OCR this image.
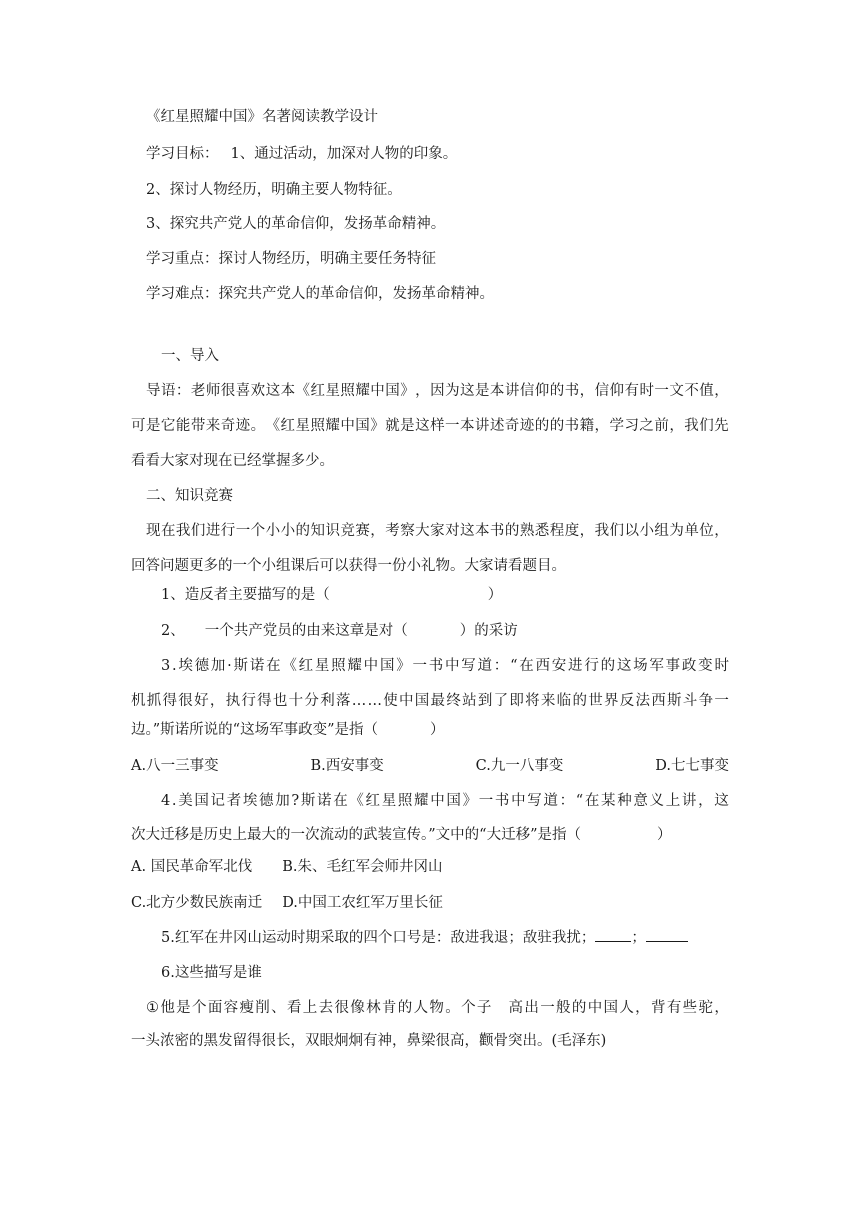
《红星照耀中国》名著阅读教学设计
学习目标： 1、通过活动，加深对人物的印象。
2、探讨人物经历，明确主要人物特征。
3、探究共产党人的革命信仰，发扬革命精神。
学习重点：探讨人物经历，明确主要任务特征
学习难点：探究共产党人的革命信仰，发扬革命精神。
一、导入
导 语 ： 老 师 很 喜 欢 这 本 《 红 星 照 耀 中 国 》 ， 因 为 这 是 本 讲 信 仰 的 书 ， 信 仰 有 时 一 文 不 值 ，
可 是 它 能 带 来 奇 迹 。 《 红 星 照 耀 中 国 》 就 是 这 样 一 本 讲 述 奇 迹 的 的 书 籍 ， 学 习 之 前 ， 我 们 先
看看大家对现在已经掌握多少。
二、知识竞赛
现 在 我 们 进 行 一 个 小 小 的 知 识 竞 赛 ， 考 察 大 家 对 这 本 书 的 熟 悉 程 度 ， 我 们 以 小 组 为 单 位 ，
回答问题更多的一个小组课后可以获得一份小礼物。大家请看题目。
1、造反者主要描写的是（	）
2、 一个共产党员的由来这章是对（	）的采访
3 . 埃 德 加 · 斯 诺 在 《 红 星 照 耀 中 国 》 一 书 中 写 道 ： “ 在 西 安 进 行 的 这 场 军 事 政 变 时
机 抓 得 很 好 ， 执 行 得 也 十 分 利 落 … … 使 中 国 最 终 站 到 了 即 将 来 临 的 世 界 反 法 西 斯 斗 争 一
边。”斯诺所说的“这场军事政变”是指（	）
A.八一三事变	B.西安事变	C.九一八事变	D.七七事变
4 . 美 国 记 者 埃 德 加 ? 斯 诺 在 《 红 星 照 耀 中 国 》 一 书 中 写 道 ： “ 在 某 种 意 义 上 讲 ， 这
次大迁移是历史上最大的一次流动的武装宣传。”文中的“大迁移”是指（	）
A. 国民革命军北伐 B.朱、毛红军会师井冈山
C.北方少数民族南迁 D.中国工农红军万里长征
5.红军在井冈山运动时期采取的四个口号是：敌进我退；敌驻我扰； ；
6.这些描写是谁
① 他 是 个 面 容 瘦 削 、 看 上 去 很 像 林 肯 的 人 物 。 个 子
　 高 出 一 般 的 中 国 人 ， 背 有 些 驼 ，
一头浓密的黑发留得很长，双眼炯炯有神，鼻梁很高，颧骨突出。(毛泽东)
